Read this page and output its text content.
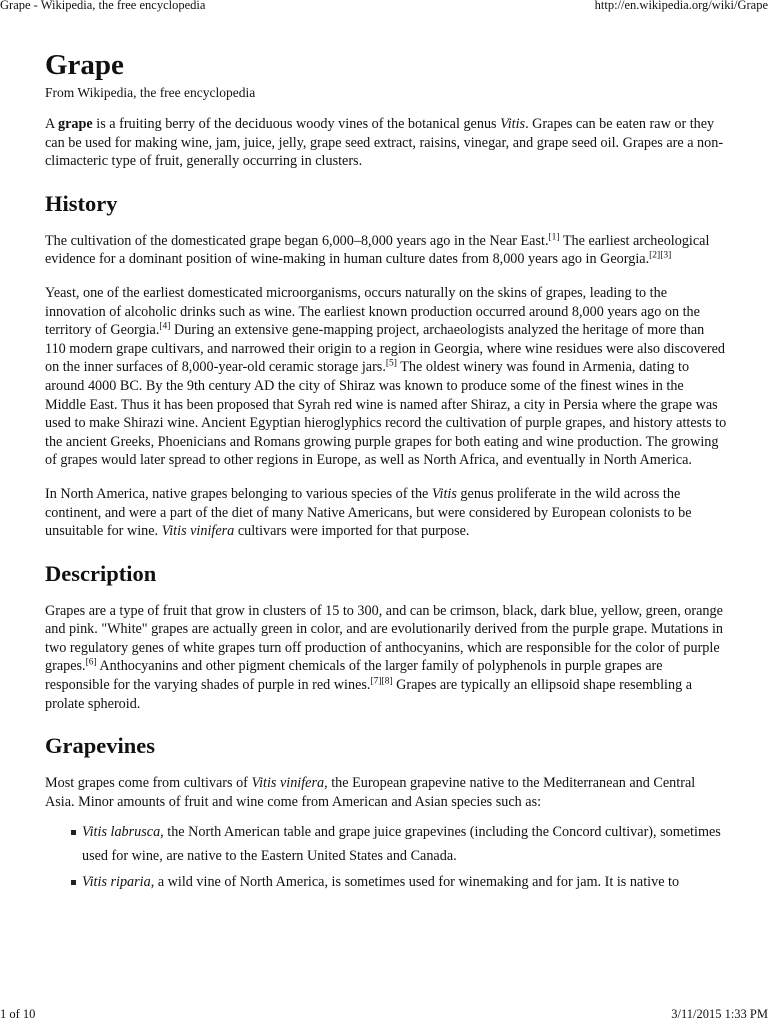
Grape - Wikipedia, the free encyclopedia	http://en.wikipedia.org/wiki/Grape
Grape
From Wikipedia, the free encyclopedia

A grape is a fruiting berry of the deciduous woody vines of the botanical genus Vitis. Grapes can be eaten raw or they can be used for making wine, jam, juice, jelly, grape seed extract, raisins, vinegar, and grape seed oil. Grapes are a non-climacteric type of fruit, generally occurring in clusters.

History

The cultivation of the domesticated grape began 6,000–8,000 years ago in the Near East.[1] The earliest archeological evidence for a dominant position of wine-making in human culture dates from 8,000 years ago in Georgia.[2][3]

Yeast, one of the earliest domesticated microorganisms, occurs naturally on the skins of grapes, leading to the innovation of alcoholic drinks such as wine. The earliest known production occurred around 8,000 years ago on the territory of Georgia.[4] During an extensive gene-mapping project, archaeologists analyzed the heritage of more than 110 modern grape cultivars, and narrowed their origin to a region in Georgia, where wine residues were also discovered on the inner surfaces of 8,000-year-old ceramic storage jars.[5] The oldest winery was found in Armenia, dating to around 4000 BC. By the 9th century AD the city of Shiraz was known to produce some of the finest wines in the Middle East. Thus it has been proposed that Syrah red wine is named after Shiraz, a city in Persia where the grape was used to make Shirazi wine. Ancient Egyptian hieroglyphics record the cultivation of purple grapes, and history attests to the ancient Greeks, Phoenicians and Romans growing purple grapes for both eating and wine production. The growing of grapes would later spread to other regions in Europe, as well as North Africa, and eventually in North America.

In North America, native grapes belonging to various species of the Vitis genus proliferate in the wild across the continent, and were a part of the diet of many Native Americans, but were considered by European colonists to be unsuitable for wine. Vitis vinifera cultivars were imported for that purpose.

Description

Grapes are a type of fruit that grow in clusters of 15 to 300, and can be crimson, black, dark blue, yellow, green, orange and pink. "White" grapes are actually green in color, and are evolutionarily derived from the purple grape. Mutations in two regulatory genes of white grapes turn off production of anthocyanins, which are responsible for the color of purple grapes.[6] Anthocyanins and other pigment chemicals of the larger family of polyphenols in purple grapes are responsible for the varying shades of purple in red wines.[7][8] Grapes are typically an ellipsoid shape resembling a prolate spheroid.

Grapevines

Most grapes come from cultivars of Vitis vinifera, the European grapevine native to the Mediterranean and Central Asia. Minor amounts of fruit and wine come from American and Asian species such as:

Vitis labrusca, the North American table and grape juice grapevines (including the Concord cultivar), sometimes used for wine, are native to the Eastern United States and Canada.
Vitis riparia, a wild vine of North America, is sometimes used for winemaking and for jam. It is native to
1 of 10	3/11/2015 1:33 PM
